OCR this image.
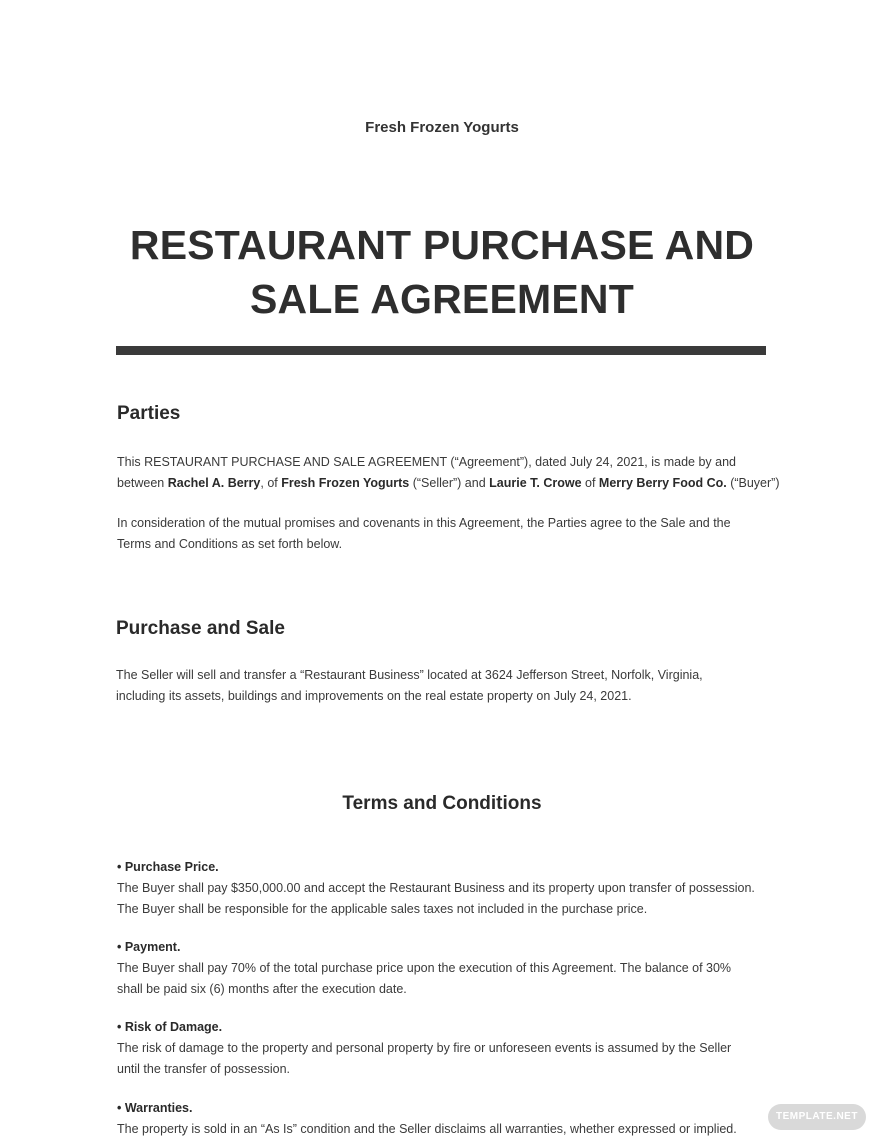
Fresh Frozen Yogurts
RESTAURANT PURCHASE AND
SALE AGREEMENT
Parties
This RESTAURANT PURCHASE AND SALE AGREEMENT (“Agreement”), dated July 24, 2021, is made by and
between Rachel A. Berry, of Fresh Frozen Yogurts (“Seller”) and Laurie T. Crowe of Merry Berry Food Co. (“Buyer”)
In consideration of the mutual promises and covenants in this Agreement, the Parties agree to the Sale and the
Terms and Conditions as set forth below.
Purchase and Sale
The Seller will sell and transfer a “Restaurant Business” located at 3624 Jefferson Street, Norfolk, Virginia,
including its assets, buildings and improvements on the real estate property on July 24, 2021.
Terms and Conditions
• Purchase Price.
The Buyer shall pay $350,000.00 and accept the Restaurant Business and its property upon transfer of possession.
The Buyer shall be responsible for the applicable sales taxes not included in the purchase price.
• Payment.
The Buyer shall pay 70% of the total purchase price upon the execution of this Agreement. The balance of 30%
shall be paid six (6) months after the execution date.
• Risk of Damage.
The risk of damage to the property and personal property by fire or unforeseen events is assumed by the Seller
until the transfer of possession.
• Warranties.
The property is sold in an “As Is” condition and the Seller disclaims all warranties, whether expressed or implied.
TEMPLATE.NET
